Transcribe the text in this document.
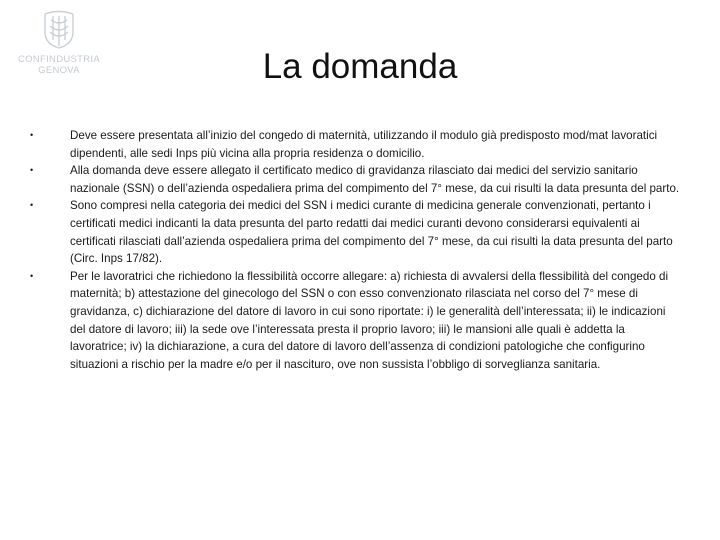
CONFINDUSTRIA
GENOVA	La domanda
•	Deve essere presentata all’inizio del congedo di maternità, utilizzando il modulo già predisposto mod/mat lavoratici dipendenti, alle sedi Inps più vicina alla propria residenza o domicilio.
•	Alla domanda deve essere allegato il certificato medico di gravidanza rilasciato dai medici del servizio sanitario nazionale (SSN) o dell’azienda ospedaliera prima del compimento del 7° mese, da cui risulti la data presunta del parto.
•	Sono compresi nella categoria dei medici del SSN i medici curante di medicina generale convenzionati, pertanto i certificati medici indicanti la data presunta del parto redatti dai medici curanti devono considerarsi equivalenti ai certificati rilasciati dall’azienda ospedaliera prima del compimento del 7° mese, da cui risulti la data presunta del parto (Circ. Inps 17/82).
•	Per le lavoratrici che richiedono la flessibilità occorre allegare: a) richiesta di avvalersi della flessibilità del congedo di maternità; b) attestazione del ginecologo del SSN o con esso convenzionato rilasciata nel corso del 7° mese di gravidanza, c) dichiarazione del datore di lavoro in cui sono riportate: i) le generalità dell’interessata; ii) le indicazioni del datore di lavoro; iii) la sede ove l’interessata presta il proprio lavoro; iii) le mansioni alle quali è addetta la lavoratrice; iv) la dichiarazione, a cura del datore di lavoro dell’assenza di condizioni patologiche che configurino situazioni a rischio per la madre e/o per il nascituro, ove non sussista l’obbligo di sorveglianza sanitaria.
